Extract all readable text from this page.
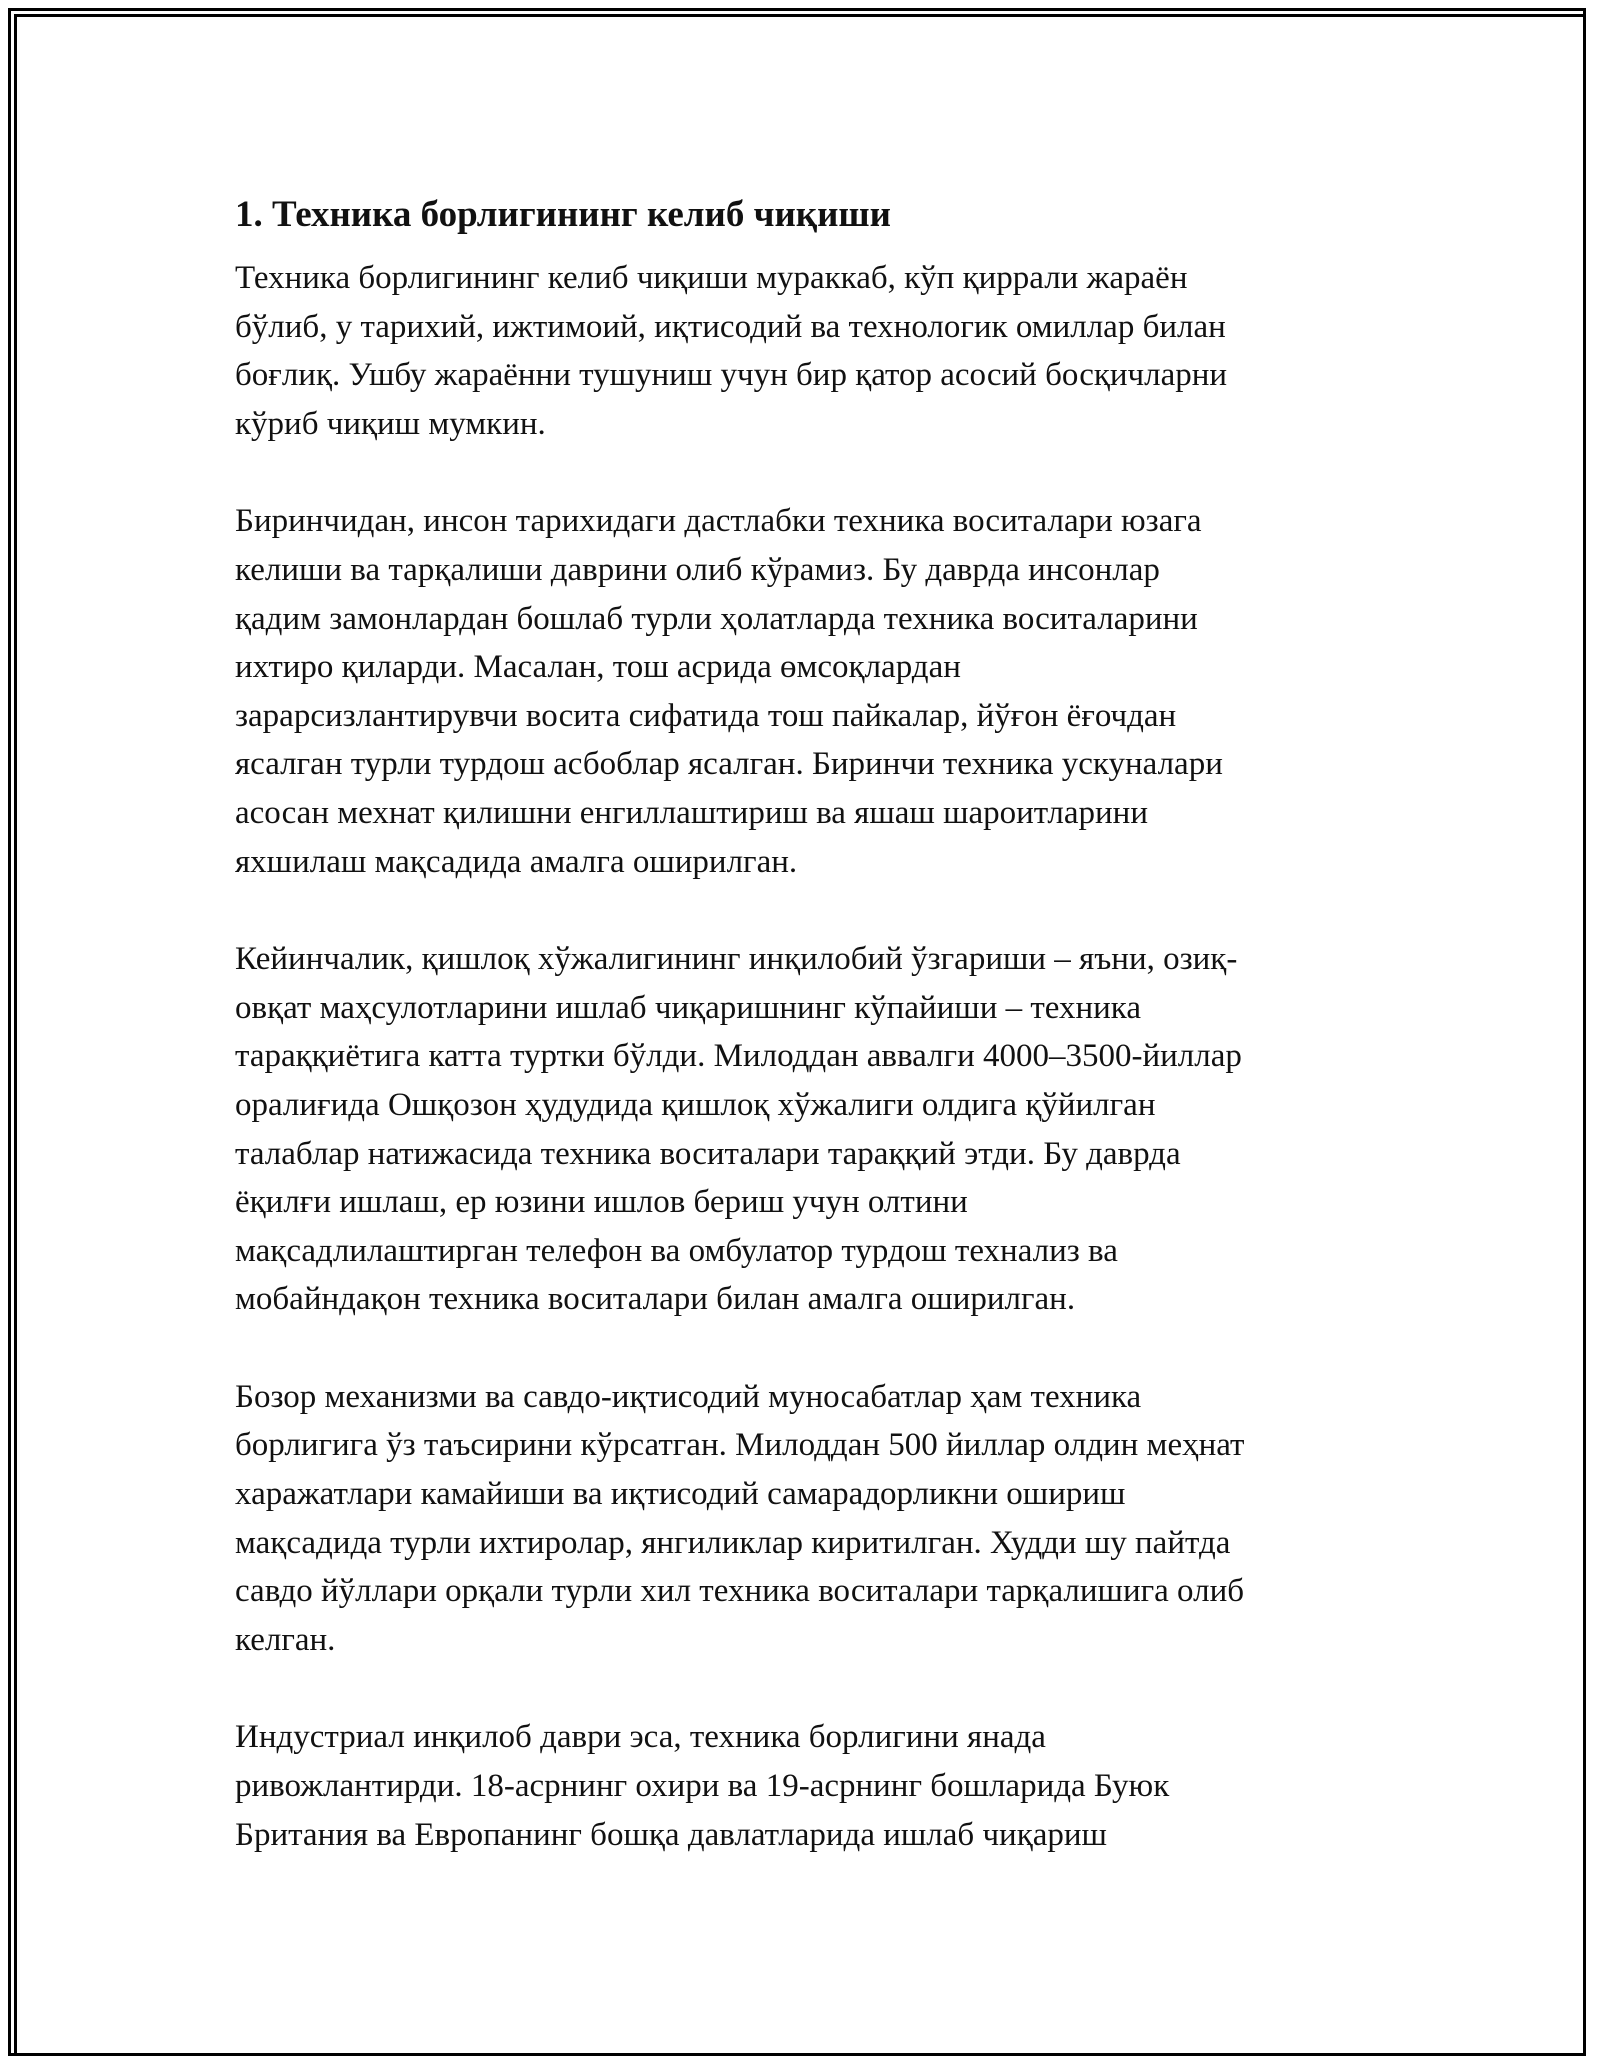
1. Техника борлигининг келиб чиқиши

Техника борлигининг келиб чиқиши мураккаб, кўп қиррали жараён
бўлиб, у тарихий, ижтимоий, иқтисодий ва технологик омиллар билан
боғлиқ. Ушбу жараённи тушуниш учун бир қатор асосий босқичларни
кўриб чиқиш мумкин.

Биринчидан, инсон тарихидаги дастлабки техника воситалари юзага
келиши ва тарқалиши даврини олиб кўрамиз. Бу даврда инсонлар
қадим замонлардан бошлаб турли ҳолатларда техника воситаларини
ихтиро қиларди. Масалан, тош асрида өмсоқлардан
зарарсизлантирувчи восита сифатида тош пайкалар, йўғон ёғочдан
ясалган турли турдош асбоблар ясалган. Биринчи техника ускуналари
асосан мехнат қилишни енгиллаштириш ва яшаш шароитларини
яхшилаш мақсадида амалга оширилган.

Кейинчалик, қишлоқ хўжалигининг инқилобий ўзгариши – яъни, озиқ-
овқат маҳсулотларини ишлаб чиқаришнинг кўпайиши – техника
тараққиётига катта туртки бўлди. Милоддан аввалги 4000–3500-йиллар
оралиғида Ошқозон ҳудудида қишлоқ хўжалиги олдига қўйилган
талаблар натижасида техника воситалари тараққий этди. Бу даврда
ёқилғи ишлаш, ер юзини ишлов бериш учун олтини
мақсадлилаштирган телефон ва омбулатор турдош технализ ва
мобайндақон техника воситалари билан амалга оширилган.

Бозор механизми ва савдо-иқтисодий муносабатлар ҳам техника
борлигига ўз таъсирини кўрсатган. Милоддан 500 йиллар олдин меҳнат
харажатлари камайиши ва иқтисодий самарадорликни ошириш
мақсадида турли ихтиролар, янгиликлар киритилган. Худди шу пайтда
савдо йўллари орқали турли хил техника воситалари тарқалишига олиб
келган.

Индустриал инқилоб даври эса, техника борлигини янада
ривожлантирди. 18-асрнинг охири ва 19-асрнинг бошларида Буюк
Британия ва Европанинг бошқа давлатларида ишлаб чиқариш
